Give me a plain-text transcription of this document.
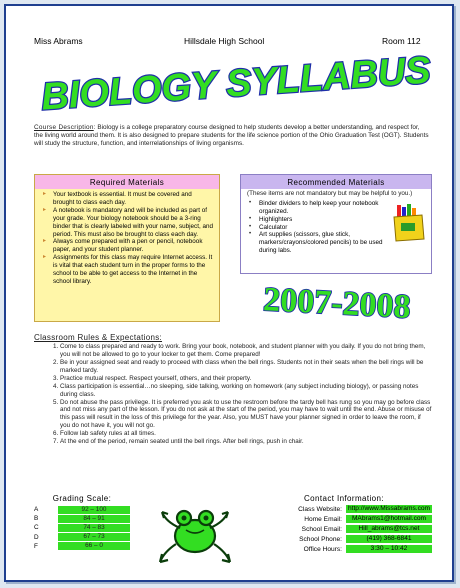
Miss Abrams	Hillsdale High School	Room 112
BIOLOGY SYLLABUS
Course Description: Biology is a college preparatory course designed to help students develop a better understanding, and respect for, the living world around them. It is also designed to prepare students for the life science portion of the Ohio Graduation Test (OGT). Students will study the structure, function, and interrelationships of living organisms.
Required Materials
▸ Your textbook is essential. It must be covered and brought to class each day.
▸ A notebook is mandatory and will be included as part of your grade. Your biology notebook should be a 3-ring binder that is clearly labeled with your name, subject, and period. This must also be brought to class each day.
▸ Always come prepared with a pen or pencil, notebook paper, and your student planner.
▸ Assignments for this class may require Internet access. It is vital that each student turn in the proper forms to the school to be able to get access to the Internet in the school library.
Recommended Materials
(These items are not mandatory but may be helpful to you.)
• Binder dividers to help keep your notebook organized.
• Highlighters
• Calculator
• Art supplies (scissors, glue stick, markers/crayons/colored pencils) to be used during labs.
2007-2008
Classroom Rules & Expectations:
1. Come to class prepared and ready to work. Bring your book, notebook, and student planner with you daily. If you do not bring them, you will not be allowed to go to your locker to get them. Come prepared!
2. Be in your assigned seat and ready to proceed with class when the bell rings. Students not in their seats when the bell rings will be marked tardy.
3. Practice mutual respect. Respect yourself, others, and their property.
4. Class participation is essential…no sleeping, side talking, working on homework (any subject including biology), or passing notes during class.
5. Do not abuse the pass privilege. It is preferred you ask to use the restroom before the tardy bell has rung so you may go before class and not miss any part of the lesson. If you do not ask at the start of the period, you may have to wait until the end. Abuse or misuse of this pass will result in the loss of this privilege for the year. Also, you MUST have your planner signed in order to leave the room, if you do not have it, you will not go.
6. Follow lab safety rules at all times.
7. At the end of the period, remain seated until the bell rings. After bell rings, push in chair.
Grading Scale:
A	92 – 100
B	84 – 91
C	74 – 83
D	67 – 73
F	66 – 0
Contact Information:
Class Website: http://www.Missabrams.com
Home Email:	MAbrams1@hotmail.com
School Email:	Hill_abrams@tcs.net
School Phone:	(419) 368-6841
Office Hours:	3:30 – 10:42
